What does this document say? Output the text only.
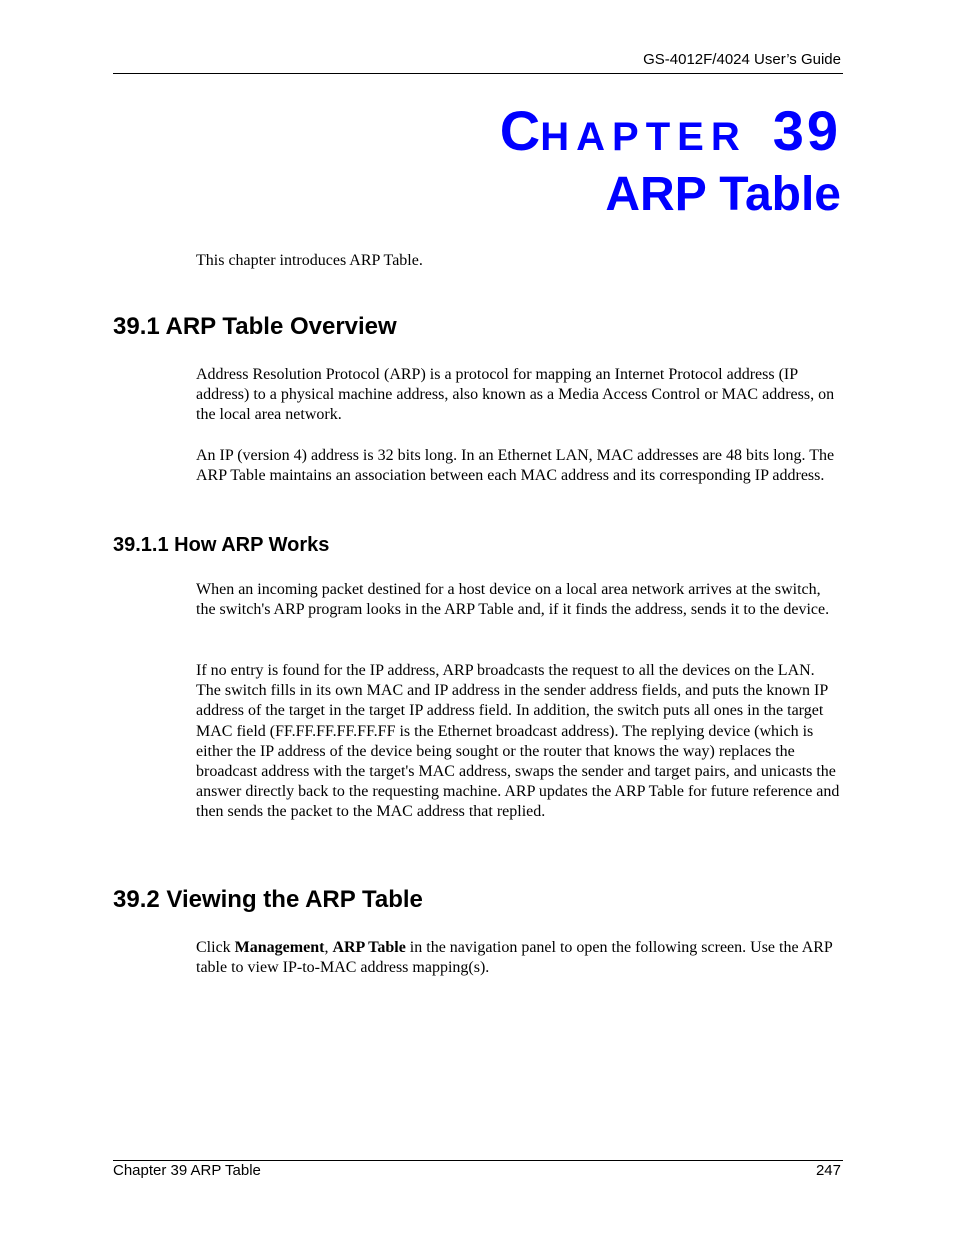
GS-4012F/4024 User’s Guide
CHAPTER 39
ARP Table

This chapter introduces ARP Table.

39.1 ARP Table Overview

Address Resolution Protocol (ARP) is a protocol for mapping an Internet Protocol address (IP address) to a physical machine address, also known as a Media Access Control or MAC address, on the local area network.

An IP (version 4) address is 32 bits long. In an Ethernet LAN, MAC addresses are 48 bits long. The ARP Table maintains an association between each MAC address and its corresponding IP address.

39.1.1 How ARP Works

When an incoming packet destined for a host device on a local area network arrives at the switch, the switch's ARP program looks in the ARP Table and, if it finds the address, sends it to the device.

If no entry is found for the IP address, ARP broadcasts the request to all the devices on the LAN. The switch fills in its own MAC and IP address in the sender address fields, and puts the known IP address of the target in the target IP address field. In addition, the switch puts all ones in the target MAC field (FF.FF.FF.FF.FF.FF is the Ethernet broadcast address). The replying device (which is either the IP address of the device being sought or the router that knows the way) replaces the broadcast address with the target's MAC address, swaps the sender and target pairs, and unicasts the answer directly back to the requesting machine. ARP updates the ARP Table for future reference and then sends the packet to the MAC address that replied.

39.2 Viewing the ARP Table

Click Management, ARP Table in the navigation panel to open the following screen. Use the ARP table to view IP-to-MAC address mapping(s).

Chapter 39 ARP Table	247
